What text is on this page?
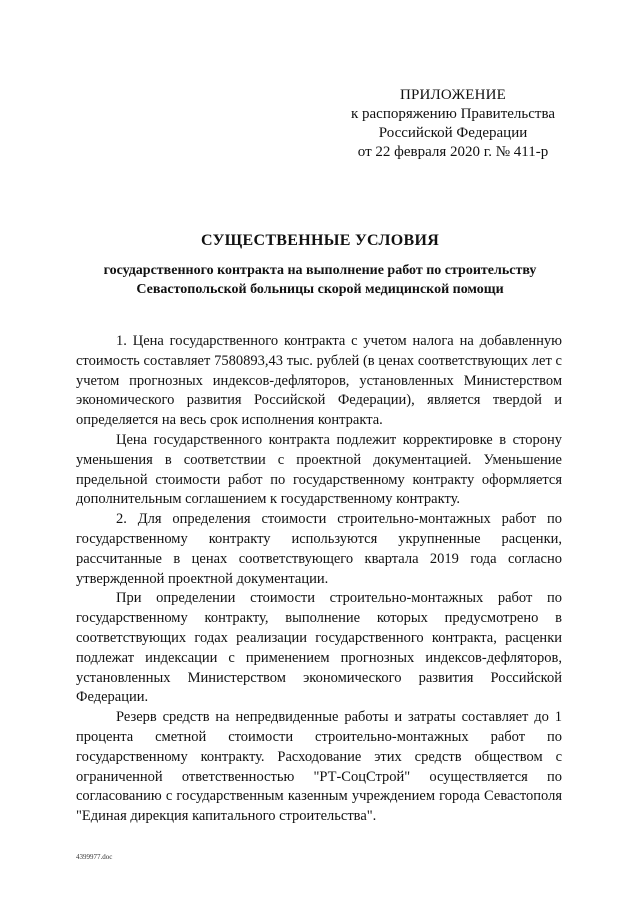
ПРИЛОЖЕНИЕ
к распоряжению Правительства
Российской Федерации
от 22 февраля 2020 г. № 411-р
СУЩЕСТВЕННЫЕ УСЛОВИЯ
государственного контракта на выполнение работ по строительству Севастопольской больницы скорой медицинской помощи

1. Цена государственного контракта с учетом налога на добавленную стоимость составляет 7580893,43 тыс. рублей (в ценах соответствующих лет с учетом прогнозных индексов-дефляторов, установленных Министерством экономического развития Российской Федерации), является твердой и определяется на весь срок исполнения контракта.

Цена государственного контракта подлежит корректировке в сторону уменьшения в соответствии с проектной документацией. Уменьшение предельной стоимости работ по государственному контракту оформляется дополнительным соглашением к государственному контракту.

2. Для определения стоимости строительно-монтажных работ по государственному контракту используются укрупненные расценки, рассчитанные в ценах соответствующего квартала 2019 года согласно утвержденной проектной документации.

При определении стоимости строительно-монтажных работ по государственному контракту, выполнение которых предусмотрено в соответствующих годах реализации государственного контракта, расценки подлежат индексации с применением прогнозных индексов-дефляторов, установленных Министерством экономического развития Российской Федерации.

Резерв средств на непредвиденные работы и затраты составляет до 1 процента сметной стоимости строительно-монтажных работ по государственному контракту. Расходование этих средств обществом с ограниченной ответственностью "РТ-СоцСтрой" осуществляется по согласованию с государственным казенным учреждением города Севастополя "Единая дирекция капитального строительства".

4399977.doc
